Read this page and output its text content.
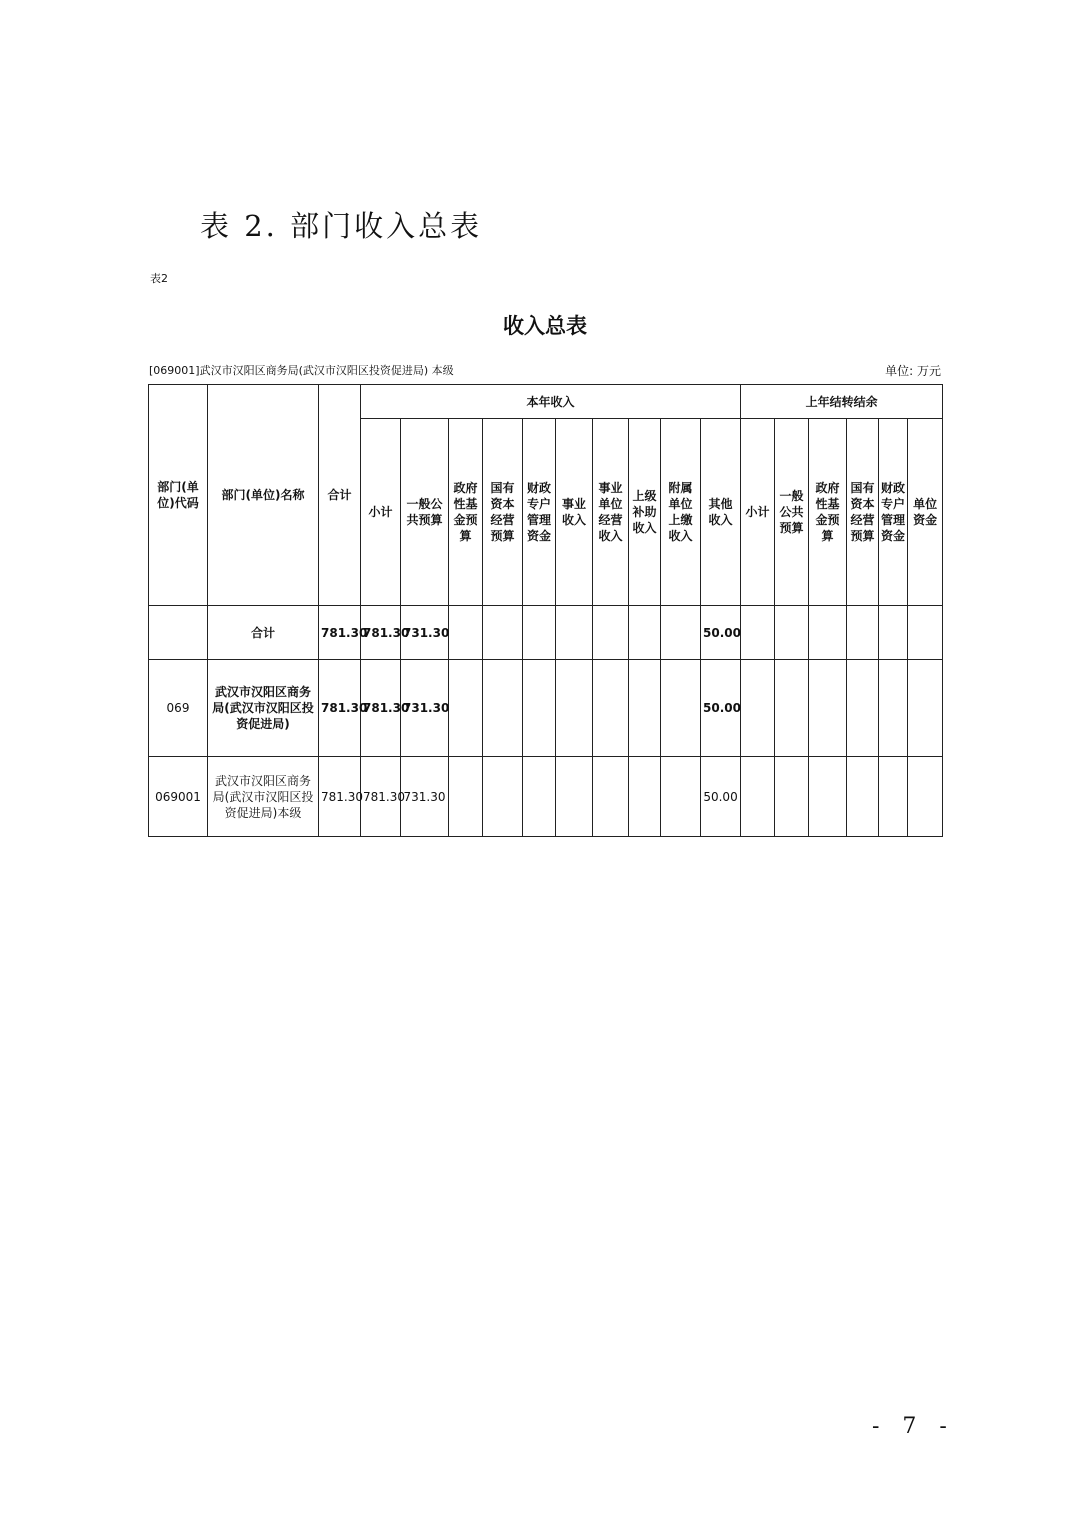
表 2. 部门收入总表
表2
收入总表
[069001]武汉市汉阳区商务局(武汉市汉阳区投资促进局) 本级	单位: 万元
部门(单位)代码	部门(单位)名称	合计	本年收入										上年结转结余					
			小计	一般公共预算	政府性基金预算	国有资本经营预算	财政专户管理资金	事业收入	事业单位经营收入	上级补助收入	附属单位上缴收入	其他收入	小计	一般公共预算	政府性基金预算	国有资本经营预算	财政专户管理资金	单位资金
	合计	781.30	781.30	731.30								50.00						
069	武汉市汉阳区商务局(武汉市汉阳区投资促进局)	781.30	781.30	731.30								50.00						
069001	武汉市汉阳区商务局(武汉市汉阳区投资促进局)本级	781.30	781.30	731.30								50.00						
- 7 -
